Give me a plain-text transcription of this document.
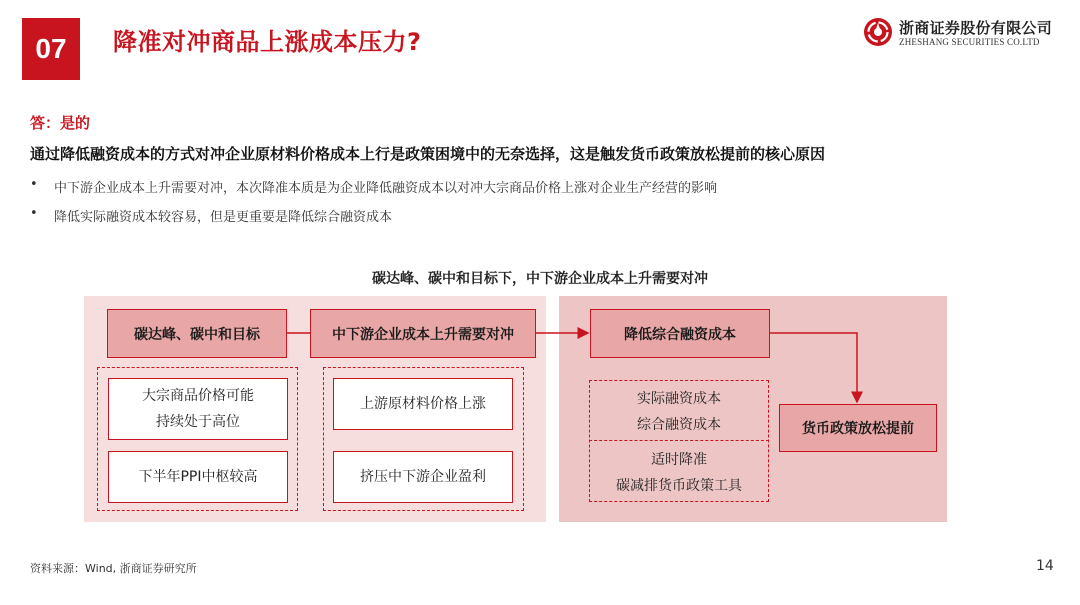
07	降准对冲商品上涨成本压力?	浙商证券股份有限公司
ZHESHANG SECURITIES CO.LTD
答：是的
通过降低融资成本的方式对冲企业原材料价格成本上行是政策困境中的无奈选择，这是触发货币政策放松提前的核心原因
•	中下游企业成本上升需要对冲，本次降准本质是为企业降低融资成本以对冲大宗商品价格上涨对企业生产经营的影响
•	降低实际融资成本较容易，但是更重要是降低综合融资成本
碳达峰、碳中和目标下，中下游企业成本上升需要对冲
碳达峰、碳中和目标	中下游企业成本上升需要对冲	降低综合融资成本
货币政策放松提前
大宗商品价格可能
持续处于高位
下半年PPI中枢较高
上游原材料价格上涨
挤压中下游企业盈利
实际融资成本
综合融资成本
适时降准
碳减排货币政策工具
资料来源：Wind, 浙商证券研究所	14
